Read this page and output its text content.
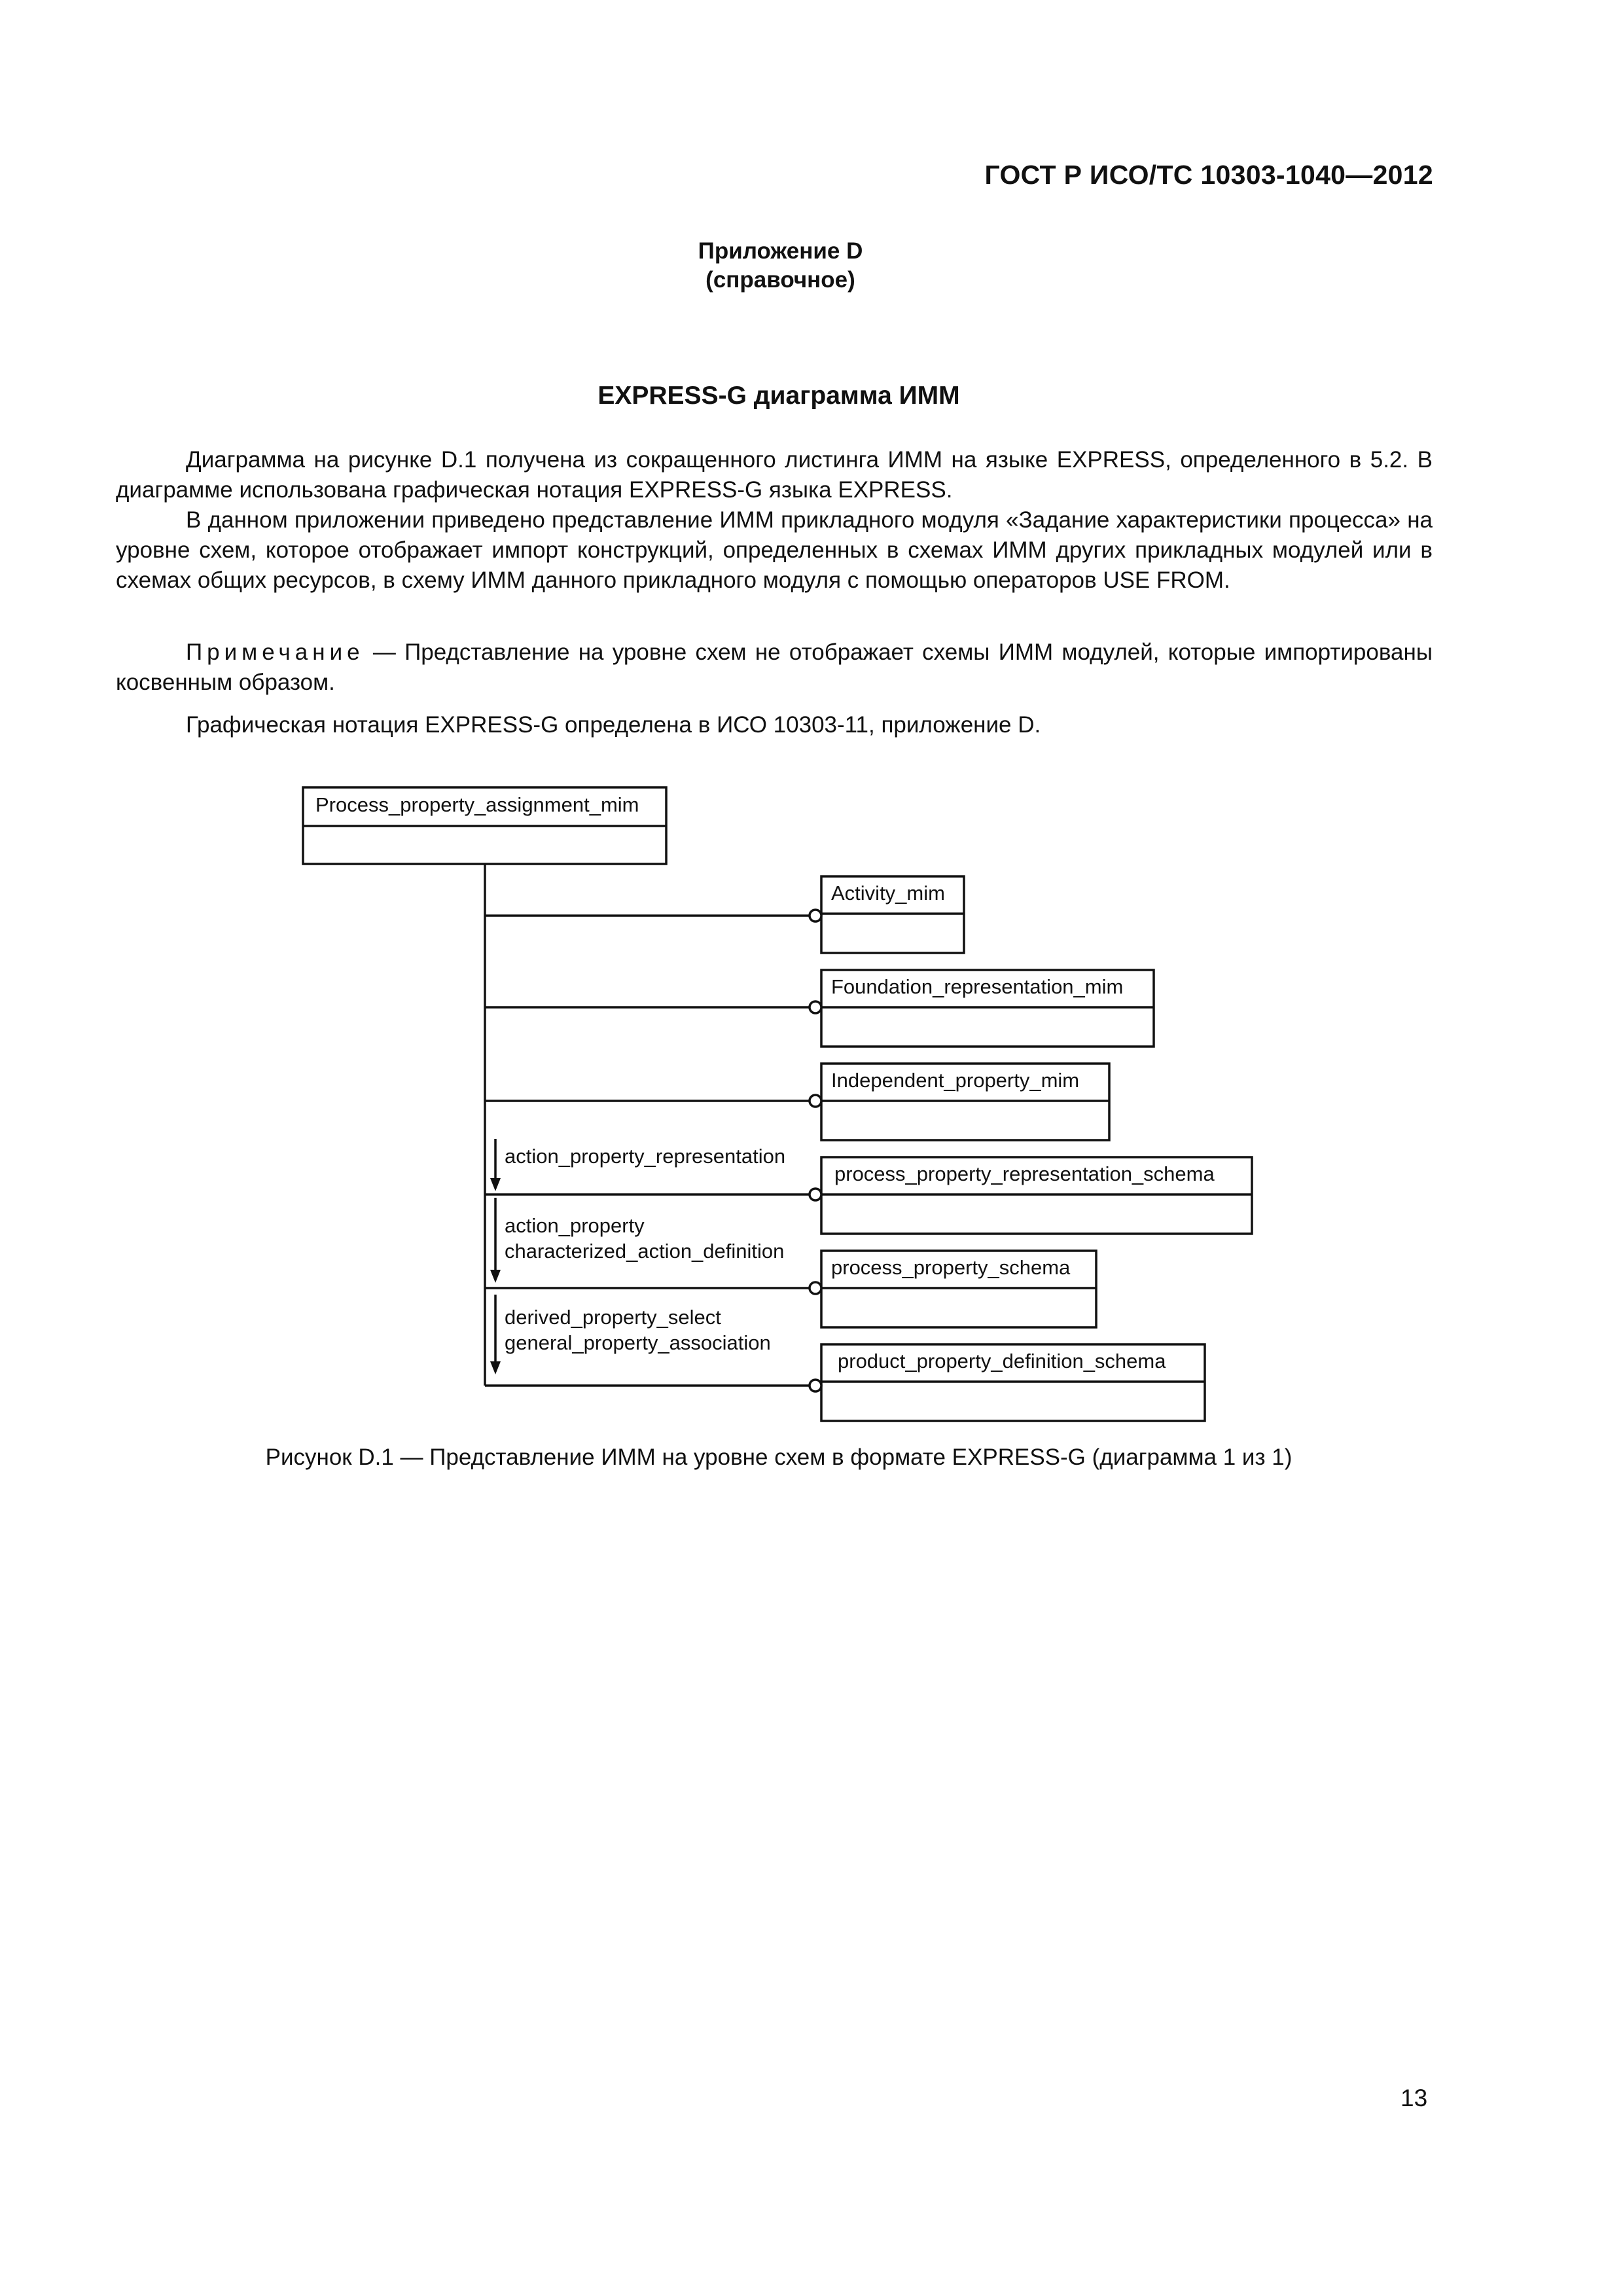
ГОСТ Р ИСО/ТС 10303-1040—2012
Приложение D
(справочное)
EXPRESS-G диаграмма ИММ
Диаграмма на рисунке D.1 получена из сокращенного листинга ИММ на языке EXPRESS, определенного в 5.2. В диаграмме использована графическая нотация EXPRESS-G языка EXPRESS.
В данном приложении приведено представление ИММ прикладного модуля «Задание характеристики процесса» на уровне схем, которое отображает импорт конструкций, определенных в схемах ИММ других прикладных модулей или в схемах общих ресурсов, в схему ИММ данного прикладного модуля с помощью операторов USE FROM.
Примечание — Представление на уровне схем не отображает схемы ИММ модулей, которые импортированы косвенным образом.
Графическая нотация EXPRESS-G определена в ИСО 10303-11, приложение D.
Process_property_assignment_mim
Activity_mim
Foundation_representation_mim
Independent_property_mim
process_property_representation_schema
process_property_schema
product_property_definition_schema
action_property_representation
action_property
characterized_action_definition
derived_property_select
general_property_association
Рисунок D.1 — Представление ИММ на уровне схем в формате EXPRESS-G (диаграмма 1 из 1)
13
